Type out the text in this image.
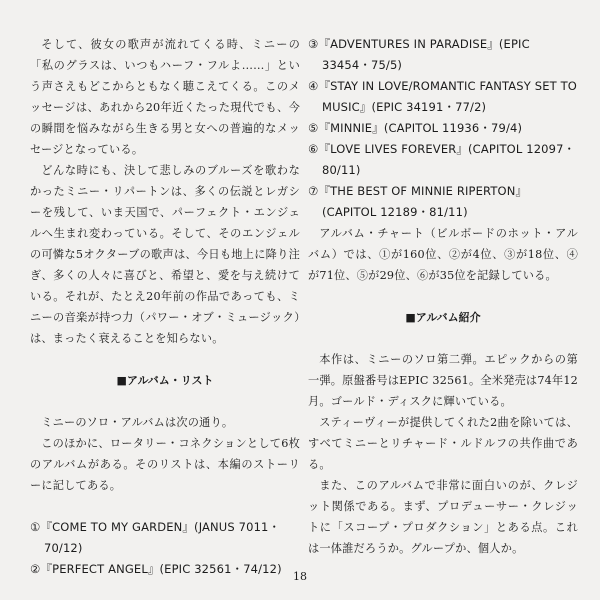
そして、彼女の歌声が流れてくる時、ミニーの「私のグラスは、いつもハーフ・フルよ……」という声さえもどこからともなく聴こえてくる。このメッセージは、あれから20年近くたった現代でも、今の瞬間を悩みながら生きる男と女への普遍的なメッセージとなっている。

どんな時にも、決して悲しみのブルーズを歌わなかったミニー・リパートンは、多くの伝説とレガシーを残して、いま天国で、パーフェクト・エンジェルへ生まれ変わっている。そして、そのエンジェルの可憐な5オクターブの歌声は、今日も地上に降り注ぎ、多くの人々に喜びと、希望と、愛を与え続けている。それが、たとえ20年前の作品であっても、ミニーの音楽が持つ力（パワー・オブ・ミュージック）は、まったく衰えることを知らない。

■アルバム・リスト

ミニーのソロ・アルバムは次の通り。

このほかに、ロータリー・コネクションとして6枚のアルバムがある。そのリストは、本編のストーリーに記してある。

①『COME TO MY GARDEN』(JANUS 7011・70/12)

②『PERFECT ANGEL』(EPIC 32561・74/12)

③『ADVENTURES IN PARADISE』(EPIC 33454・75/5)

④『STAY IN LOVE/ROMANTIC FANTASY SET TO MUSIC』(EPIC 34191・77/2)

⑤『MINNIE』(CAPITOL 11936・79/4)

⑥『LOVE LIVES FOREVER』(CAPITOL 12097・80/11)

⑦『THE BEST OF MINNIE RIPERTON』(CAPITOL 12189・81/11)

アルバム・チャート（ビルボードのホット・アルバム）では、①が160位、②が4位、③が18位、④が71位、⑤が29位、⑥が35位を記録している。

■アルバム紹介

本作は、ミニーのソロ第二弾。エピックからの第一弾。原盤番号はEPIC 32561。全米発売は74年12月。ゴールド・ディスクに輝いている。

スティーヴィーが提供してくれた2曲を除いては、すべてミニーとリチャード・ルドルフの共作曲である。

また、このアルバムで非常に面白いのが、クレジット関係である。まず、プロデューサー・クレジットに「スコープ・プロダクション」とある点。これは一体誰だろうか。グループか、個人か。

18
